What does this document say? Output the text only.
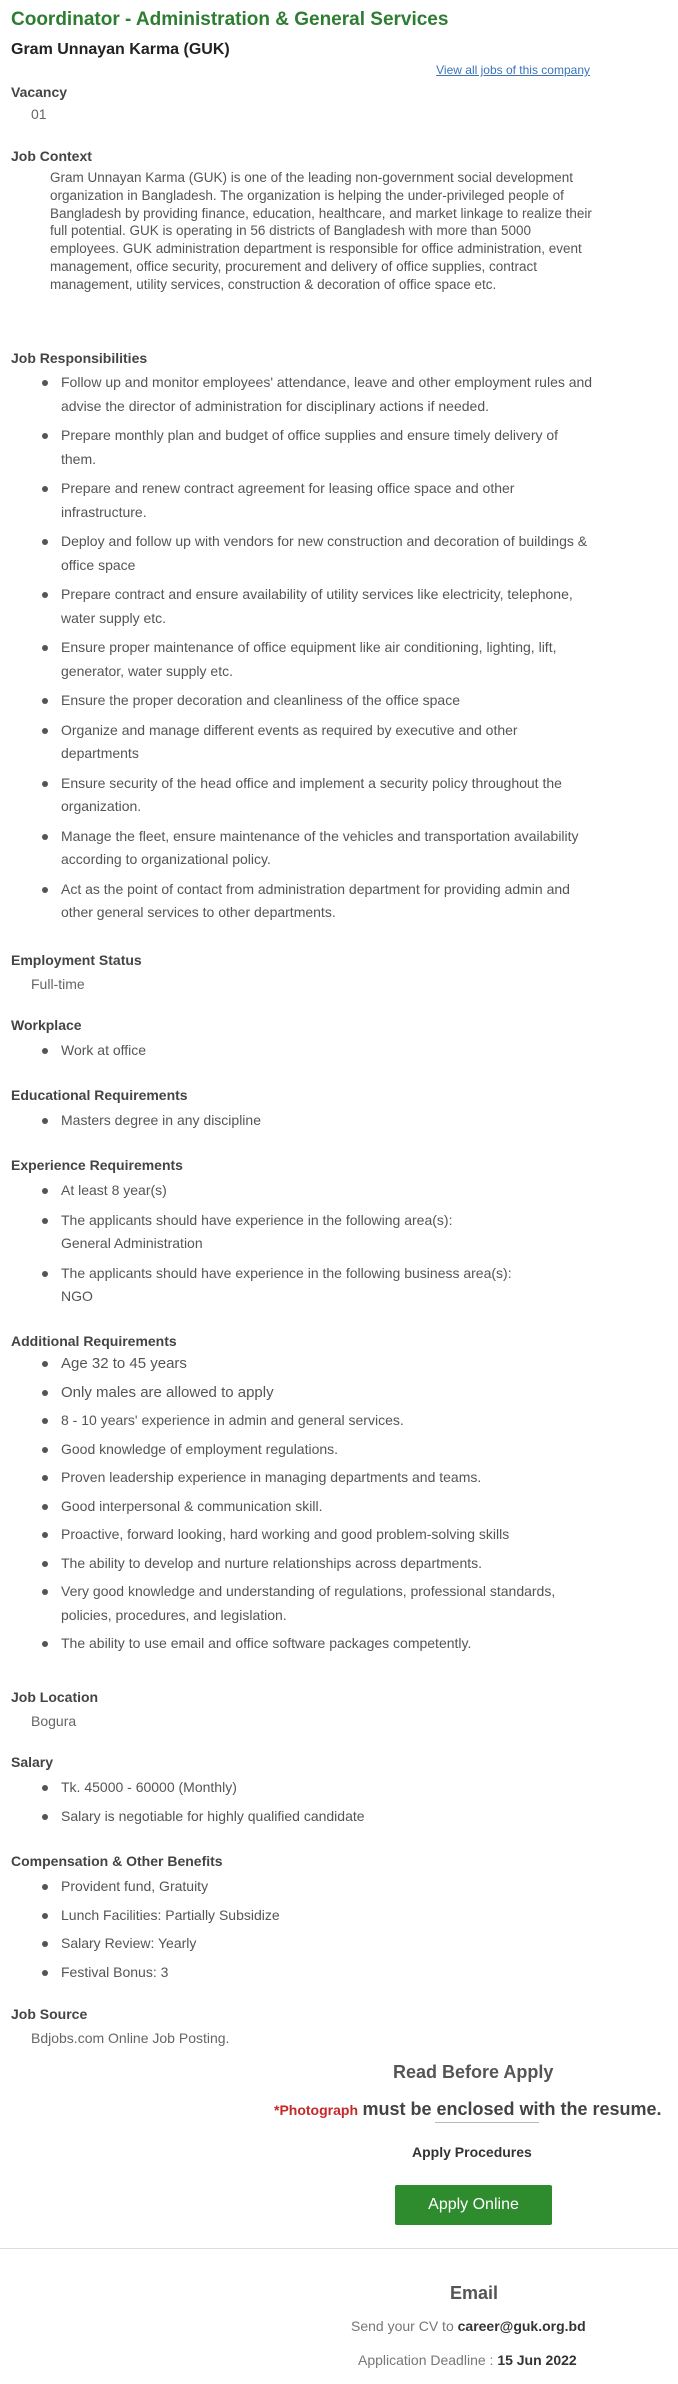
Coordinator - Administration & General Services
Gram Unnayan Karma (GUK)
View all jobs of this company
Vacancy
01
Job Context
Gram Unnayan Karma (GUK) is one of the leading non-government social development organization in Bangladesh. The organization is helping the under-privileged people of Bangladesh by providing finance, education, healthcare, and market linkage to realize their full potential. GUK is operating in 56 districts of Bangladesh with more than 5000 employees. GUK administration department is responsible for office administration, event management, office security, procurement and delivery of office supplies, contract management, utility services, construction & decoration of office space etc.
Job Responsibilities
Follow up and monitor employees' attendance, leave and other employment rules and advise the director of administration for disciplinary actions if needed.
Prepare monthly plan and budget of office supplies and ensure timely delivery of them.
Prepare and renew contract agreement for leasing office space and other infrastructure.
Deploy and follow up with vendors for new construction and decoration of buildings & office space
Prepare contract and ensure availability of utility services like electricity, telephone, water supply etc.
Ensure proper maintenance of office equipment like air conditioning, lighting, lift, generator, water supply etc.
Ensure the proper decoration and cleanliness of the office space
Organize and manage different events as required by executive and other departments
Ensure security of the head office and implement a security policy throughout the organization.
Manage the fleet, ensure maintenance of the vehicles and transportation availability according to organizational policy.
Act as the point of contact from administration department for providing admin and other general services to other departments.
Employment Status
Full-time
Workplace
Work at office
Educational Requirements
Masters degree in any discipline
Experience Requirements
At least 8 year(s)
The applicants should have experience in the following area(s):
General Administration
The applicants should have experience in the following business area(s):
NGO
Additional Requirements
Age 32 to 45 years
Only males are allowed to apply
8 - 10 years' experience in admin and general services.
Good knowledge of employment regulations.
Proven leadership experience in managing departments and teams.
Good interpersonal & communication skill.
Proactive, forward looking, hard working and good problem-solving skills
The ability to develop and nurture relationships across departments.
Very good knowledge and understanding of regulations, professional standards, policies, procedures, and legislation.
The ability to use email and office software packages competently.
Job Location
Bogura
Salary
Tk. 45000 - 60000 (Monthly)
Salary is negotiable for highly qualified candidate
Compensation & Other Benefits
Provident fund, Gratuity
Lunch Facilities: Partially Subsidize
Salary Review: Yearly
Festival Bonus: 3
Job Source
Bdjobs.com Online Job Posting.
Read Before Apply
*Photograph must be enclosed with the resume.
Apply Procedures
Apply Online
Email
Send your CV to career@guk.org.bd
Application Deadline : 15 Jun 2022
